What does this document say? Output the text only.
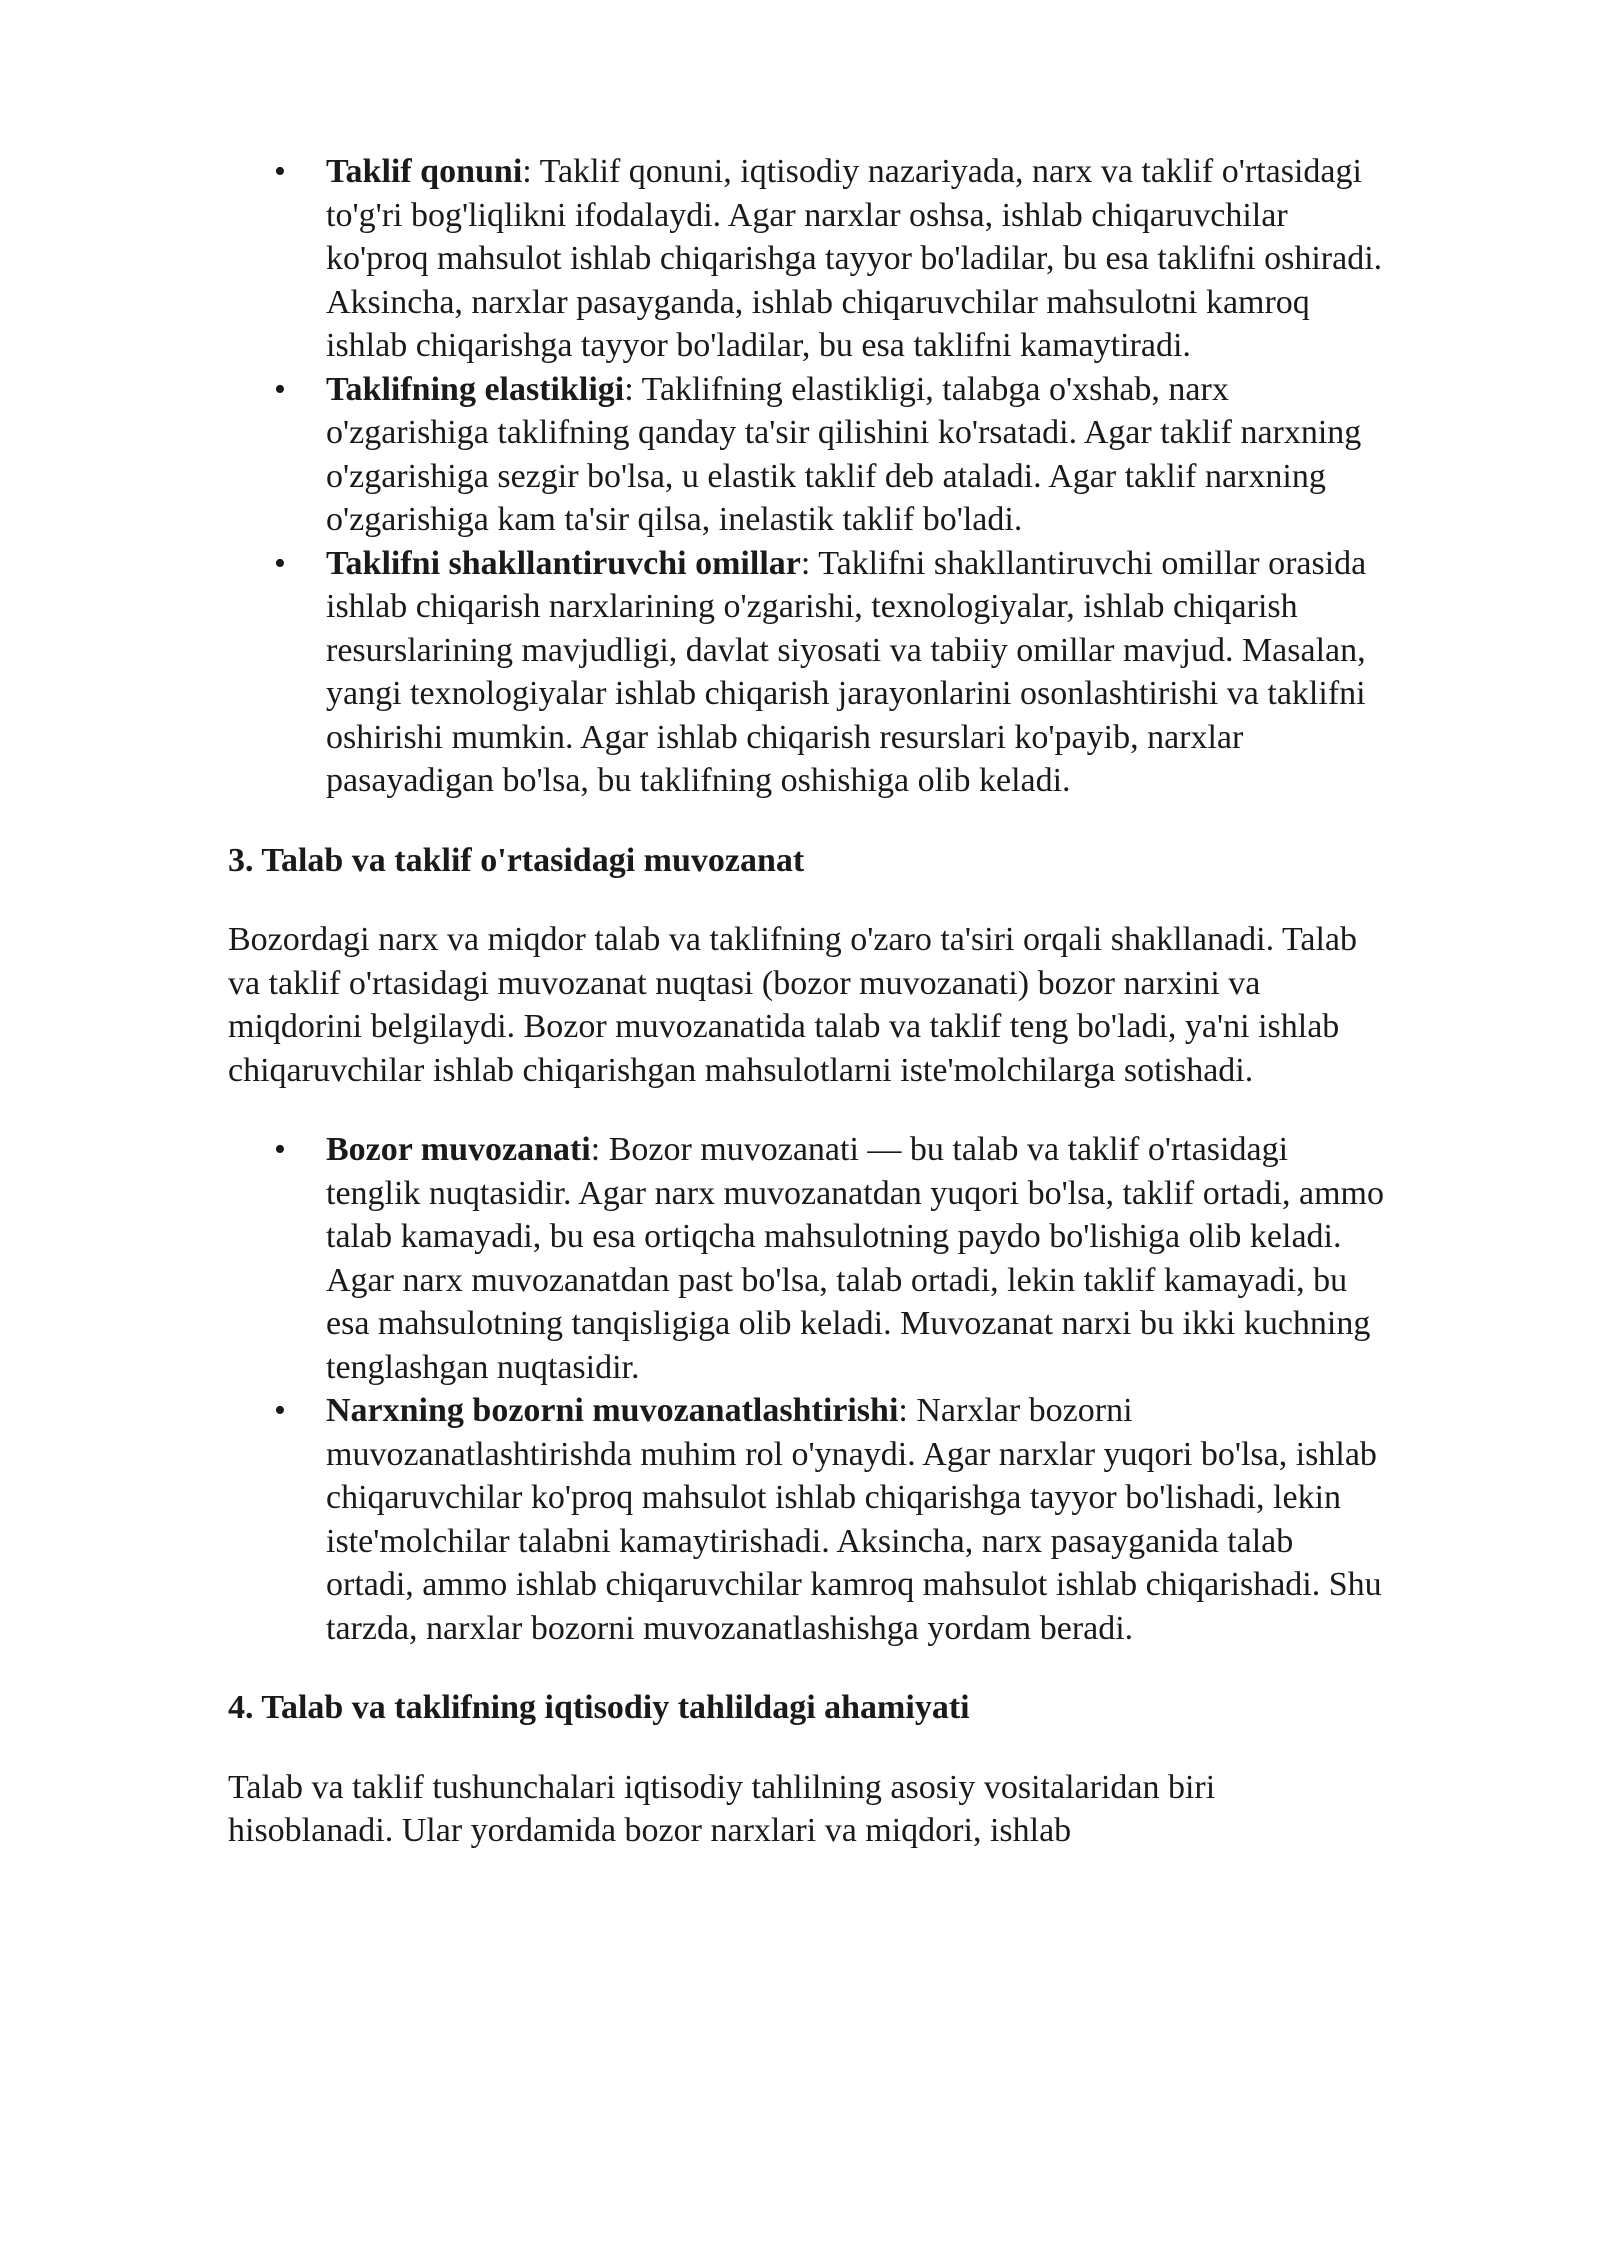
• Taklif qonuni: Taklif qonuni, iqtisodiy nazariyada, narx va taklif o'rtasidagi to'g'ri bog'liqlikni ifodalaydi. Agar narxlar oshsa, ishlab chiqaruvchilar ko'proq mahsulot ishlab chiqarishga tayyor bo'ladilar, bu esa taklifni oshiradi. Aksincha, narxlar pasayganda, ishlab chiqaruvchilar mahsulotni kamroq ishlab chiqarishga tayyor bo'ladilar, bu esa taklifni kamaytiradi.
• Taklifning elastikligi: Taklifning elastikligi, talabga o'xshab, narx o'zgarishiga taklifning qanday ta'sir qilishini ko'rsatadi. Agar taklif narxning o'zgarishiga sezgir bo'lsa, u elastik taklif deb ataladi. Agar taklif narxning o'zgarishiga kam ta'sir qilsa, inelastik taklif bo'ladi.
• Taklifni shakllantiruvchi omillar: Taklifni shakllantiruvchi omillar orasida ishlab chiqarish narxlarining o'zgarishi, texnologiyalar, ishlab chiqarish resurslarining mavjudligi, davlat siyosati va tabiiy omillar mavjud. Masalan, yangi texnologiyalar ishlab chiqarish jarayonlarini osonlashtirishi va taklifni oshirishi mumkin. Agar ishlab chiqarish resurslari ko'payib, narxlar pasayadigan bo'lsa, bu taklifning oshishiga olib keladi.
3. Talab va taklif o'rtasidagi muvozanat

Bozordagi narx va miqdor talab va taklifning o'zaro ta'siri orqali shakllanadi. Talab va taklif o'rtasidagi muvozanat nuqtasi (bozor muvozanati) bozor narxini va miqdorini belgilaydi. Bozor muvozanatida talab va taklif teng bo'ladi, ya'ni ishlab chiqaruvchilar ishlab chiqarishgan mahsulotlarni iste'molchilarga sotishadi.

• Bozor muvozanati: Bozor muvozanati — bu talab va taklif o'rtasidagi tenglik nuqtasidir. Agar narx muvozanatdan yuqori bo'lsa, taklif ortadi, ammo talab kamayadi, bu esa ortiqcha mahsulotning paydo bo'lishiga olib keladi. Agar narx muvozanatdan past bo'lsa, talab ortadi, lekin taklif kamayadi, bu esa mahsulotning tanqisligiga olib keladi. Muvozanat narxi bu ikki kuchning tenglashgan nuqtasidir.
• Narxning bozorni muvozanatlashtirishi: Narxlar bozorni muvozanatlashtirishda muhim rol o'ynaydi. Agar narxlar yuqori bo'lsa, ishlab chiqaruvchilar ko'proq mahsulot ishlab chiqarishga tayyor bo'lishadi, lekin iste'molchilar talabni kamaytirishadi. Aksincha, narx pasayganida talab ortadi, ammo ishlab chiqaruvchilar kamroq mahsulot ishlab chiqarishadi. Shu tarzda, narxlar bozorni muvozanatlashishga yordam beradi.
4. Talab va taklifning iqtisodiy tahlildagi ahamiyati

Talab va taklif tushunchalari iqtisodiy tahlilning asosiy vositalaridan biri hisoblanadi. Ular yordamida bozor narxlari va miqdori, ishlab
